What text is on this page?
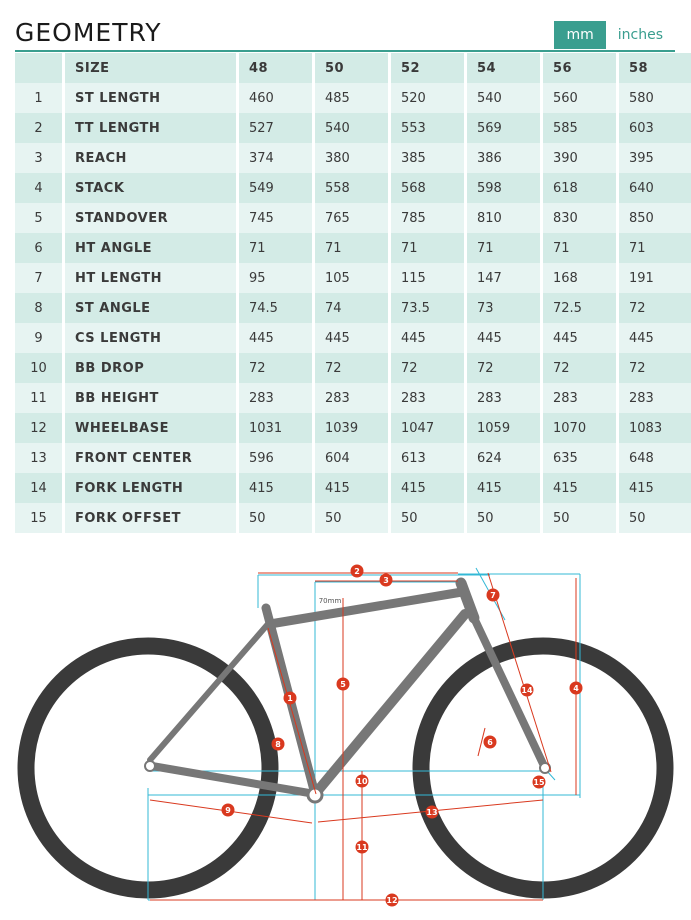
GEOMETRY	mm	inches
	SIZE	48	50	52	54	56	58
1	ST LENGTH	460	485	520	540	560	580
2	TT LENGTH	527	540	553	569	585	603
3	REACH	374	380	385	386	390	395
4	STACK	549	558	568	598	618	640
5	STANDOVER	745	765	785	810	830	850
6	HT ANGLE	71	71	71	71	71	71
7	HT LENGTH	95	105	115	147	168	191
8	ST ANGLE	74.5	74	73.5	73	72.5	72
9	CS LENGTH	445	445	445	445	445	445
10	BB DROP	72	72	72	72	72	72
11	BB HEIGHT	283	283	283	283	283	283
12	WHEELBASE	1031	1039	1047	1059	1070	1083
13	FRONT CENTER	596	604	613	624	635	648
14	FORK LENGTH	415	415	415	415	415	415
15	FORK OFFSET	50	50	50	50	50	50
70mm
1
2
3
4
5
6
7
8
9
10
11
12
13
14
15
